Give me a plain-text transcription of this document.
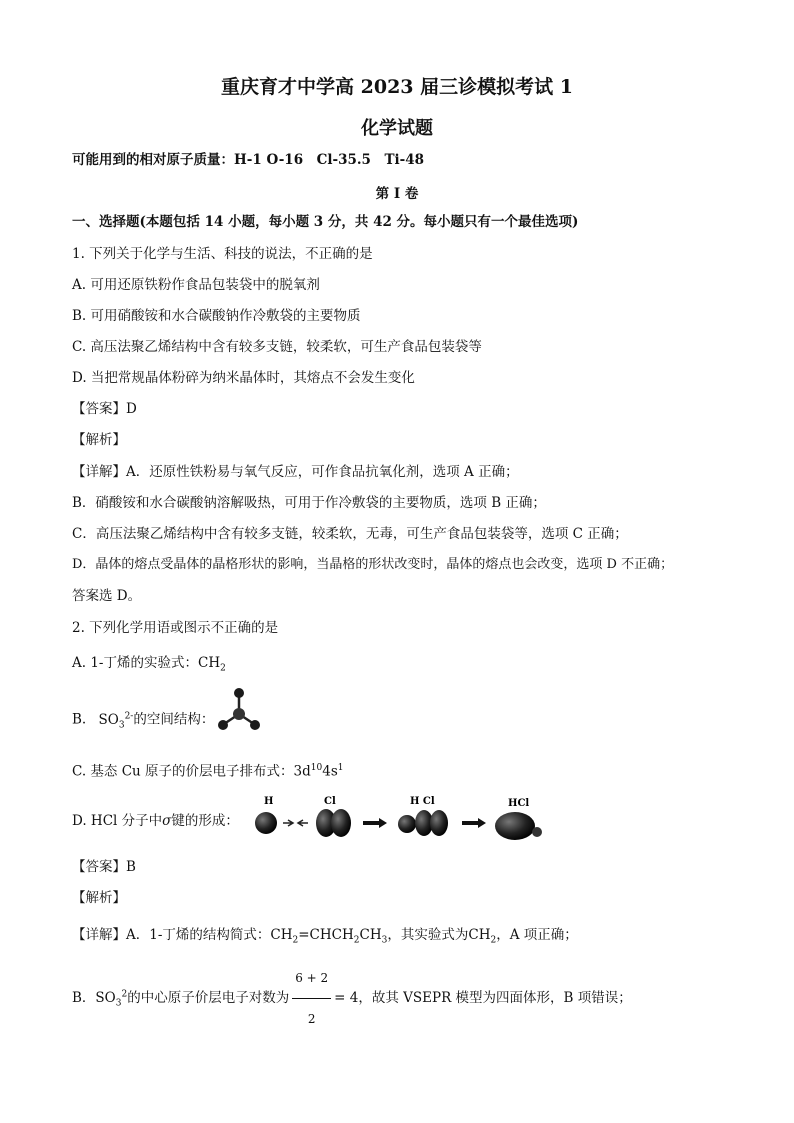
重庆育才中学高 2023 届三诊模拟考试 1
化学试题
可能用到的相对原子质量：H-1 O-16　Cl-35.5　Ti-48
第 I 卷
一、选择题(本题包括 14 小题，每小题 3 分，共 42 分。每小题只有一个最佳选项)
1. 下列关于化学与生活、科技的说法，不正确的是
A. 可用还原铁粉作食品包装袋中的脱氧剂
B. 可用硝酸铵和水合碳酸钠作冷敷袋的主要物质
C. 高压法聚乙烯结构中含有较多支链，较柔软，可生产食品包装袋等
D. 当把常规晶体粉碎为纳米晶体时，其熔点不会发生变化
【答案】D
【解析】
【详解】A．还原性铁粉易与氧气反应，可作食品抗氧化剂，选项 A 正确；
B．硝酸铵和水合碳酸钠溶解吸热，可用于作冷敷袋的主要物质，选项 B 正确；
C．高压法聚乙烯结构中含有较多支链，较柔软，无毒，可生产食品包装袋等，选项 C 正确；
D．晶体的熔点受晶体的晶格形状的影响，当晶格的形状改变时，晶体的熔点也会改变，选项 D 不正确；
答案选 D。
2. 下列化学用语或图示不正确的是
A. 1-丁烯的实验式：$CH_2$
B. $SO_3^{2-}$的空间结构：
C. 基态 Cu 原子的价层电子排布式：$3d^{10}4s^1$
D. HCl 分子中σ键的形成：
H	Cl	H Cl	HCl
【答案】B
【解析】
【详解】A．1-丁烯的结构简式：$CH_2=CHCH_2CH_3$，其实验式为$CH_2$，A 项正确；
B．$SO_3^2$的中心原子价层电子对数为 $\frac{6 + 2}{2} = 4$，故其 VSEPR 模型为四面体形，B 项错误；
